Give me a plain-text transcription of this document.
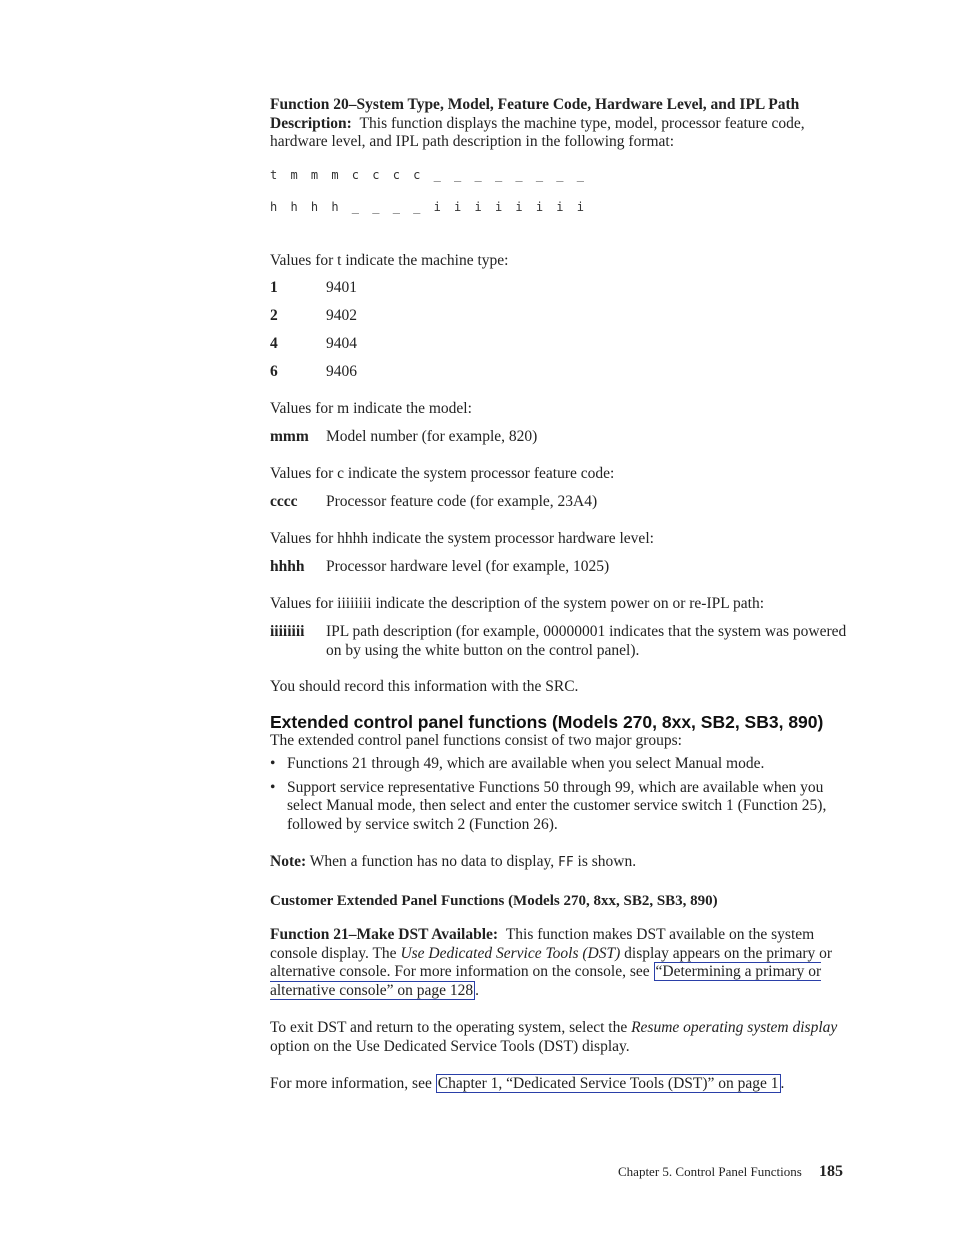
Function 20–System Type, Model, Feature Code, Hardware Level, and IPL Path Description: This function displays the machine type, model, processor feature code, hardware level, and IPL path description in the following format:

t m m m c c c c _ _ _ _ _ _ _ _
h h h h _ _ _ _ i i i i i i i i

Values for t indicate the machine type:

1	9401
2	9402
4	9404
6	9406

Values for m indicate the model:

mmm	Model number (for example, 820)

Values for c indicate the system processor feature code:

cccc	Processor feature code (for example, 23A4)

Values for hhhh indicate the system processor hardware level:

hhhh	Processor hardware level (for example, 1025)

Values for iiiiiiii indicate the description of the system power on or re-IPL path:

iiiiiiii	IPL path description (for example, 00000001 indicates that the system was powered on by using the white button on the control panel).

You should record this information with the SRC.

Extended control panel functions (Models 270, 8xx, SB2, SB3, 890)

The extended control panel functions consist of two major groups:

• Functions 21 through 49, which are available when you select Manual mode.
• Support service representative Functions 50 through 99, which are available when you select Manual mode, then select and enter the customer service switch 1 (Function 25), followed by service switch 2 (Function 26).

Note: When a function has no data to display, FF is shown.

Customer Extended Panel Functions (Models 270, 8xx, SB2, SB3, 890)

Function 21–Make DST Available: This function makes DST available on the system console display. The Use Dedicated Service Tools (DST) display appears on the primary or alternative console. For more information on the console, see “Determining a primary or alternative console” on page 128 .

To exit DST and return to the operating system, select the Resume operating system display option on the Use Dedicated Service Tools (DST) display.

For more information, see Chapter 1, “Dedicated Service Tools (DST)” on page 1 .

Chapter 5. Control Panel Functions 185
